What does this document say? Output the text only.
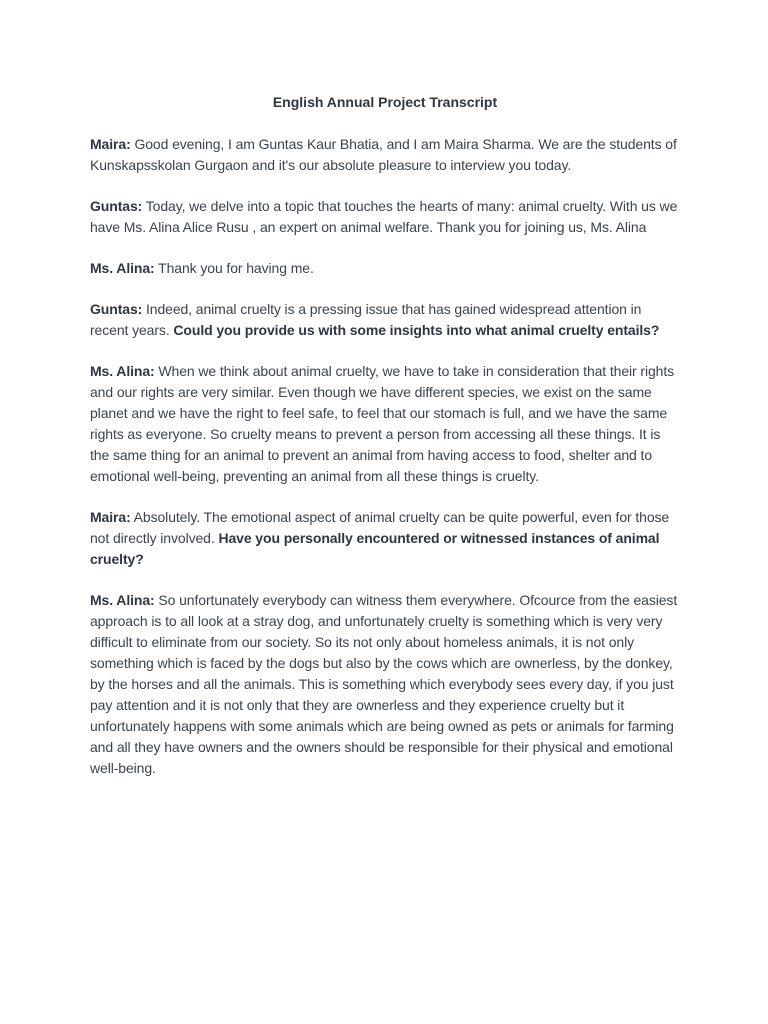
English Annual Project Transcript

Maira: Good evening, I am Guntas Kaur Bhatia, and I am Maira Sharma. We are the students of Kunskapsskolan Gurgaon and it's our absolute pleasure to interview you today.

Guntas: Today, we delve into a topic that touches the hearts of many: animal cruelty. With us we have Ms. Alina Alice Rusu , an expert on animal welfare. Thank you for joining us, Ms. Alina

Ms. Alina: Thank you for having me.

Guntas: Indeed, animal cruelty is a pressing issue that has gained widespread attention in recent years. Could you provide us with some insights into what animal cruelty entails?

Ms. Alina: When we think about animal cruelty, we have to take in consideration that their rights and our rights are very similar. Even though we have different species, we exist on the same planet and we have the right to feel safe, to feel that our stomach is full, and we have the same rights as everyone. So cruelty means to prevent a person from accessing all these things. It is the same thing for an animal to prevent an animal from having access to food, shelter and to emotional well-being, preventing an animal from all these things is cruelty.

Maira: Absolutely. The emotional aspect of animal cruelty can be quite powerful, even for those not directly involved. Have you personally encountered or witnessed instances of animal cruelty?

Ms. Alina: So unfortunately everybody can witness them everywhere. Ofcource from the easiest approach is to all look at a stray dog, and unfortunately cruelty is something which is very very difficult to eliminate from our society. So its not only about homeless animals, it is not only something which is faced by the dogs but also by the cows which are ownerless, by the donkey, by the horses and all the animals. This is something which everybody sees every day, if you just pay attention and it is not only that they are ownerless and they experience cruelty but it unfortunately happens with some animals which are being owned as pets or animals for farming and all they have owners and the owners should be responsible for their physical and emotional well-being.
